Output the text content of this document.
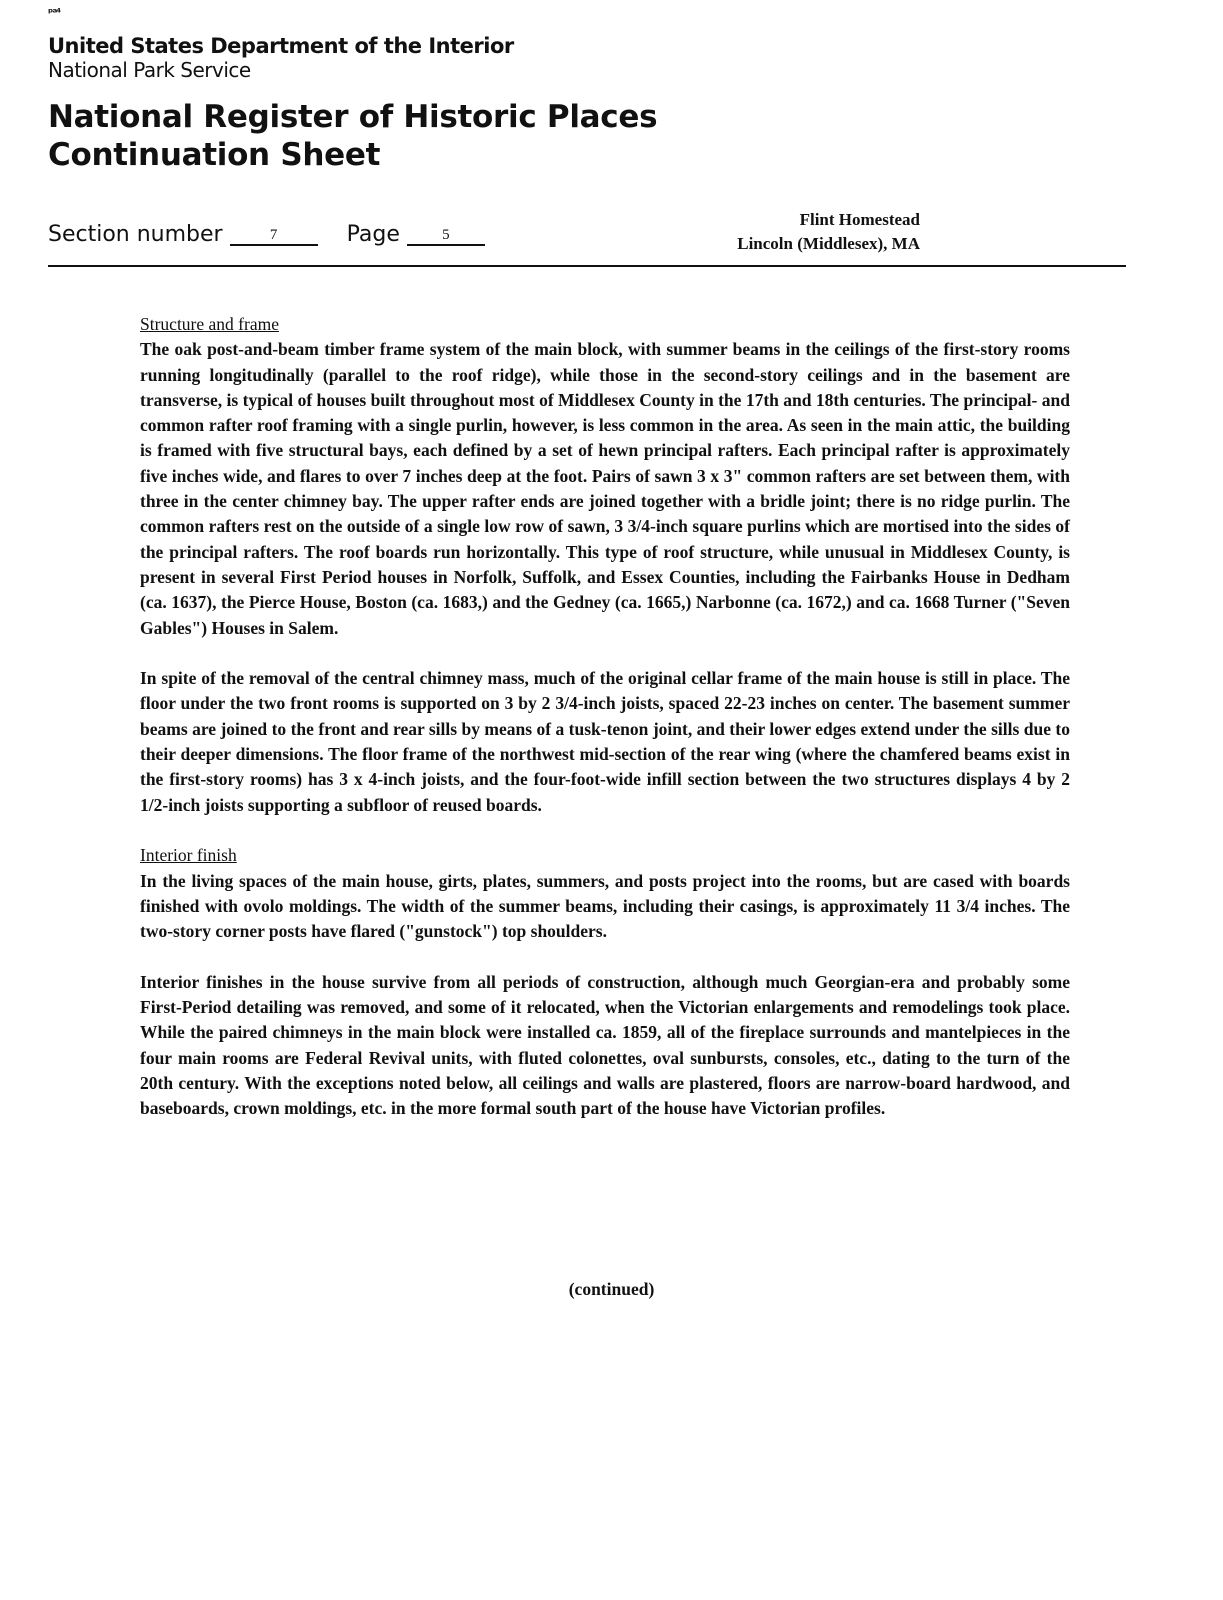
ᵖᵃ⁴
United States Department of the Interior
National Park Service
National Register of Historic Places
Continuation Sheet
Section number	7	Page	5
Flint Homestead
Lincoln (Middlesex), MA
Structure and frame

The oak post-and-beam timber frame system of the main block, with summer beams in the ceilings of the first-story rooms running longitudinally (parallel to the roof ridge), while those in the second-story ceilings and in the basement are transverse, is typical of houses built throughout most of Middlesex County in the 17th and 18th centuries. The principal- and common rafter roof framing with a single purlin, however, is less common in the area. As seen in the main attic, the building is framed with five structural bays, each defined by a set of hewn principal rafters. Each principal rafter is approximately five inches wide, and flares to over 7 inches deep at the foot. Pairs of sawn 3 x 3" common rafters are set between them, with three in the center chimney bay. The upper rafter ends are joined together with a bridle joint; there is no ridge purlin. The common rafters rest on the outside of a single low row of sawn, 3 3/4-inch square purlins which are mortised into the sides of the principal rafters. The roof boards run horizontally. This type of roof structure, while unusual in Middlesex County, is present in several First Period houses in Norfolk, Suffolk, and Essex Counties, including the Fairbanks House in Dedham (ca. 1637), the Pierce House, Boston (ca. 1683,) and the Gedney (ca. 1665,) Narbonne (ca. 1672,) and ca. 1668 Turner ("Seven Gables") Houses in Salem.

In spite of the removal of the central chimney mass, much of the original cellar frame of the main house is still in place. The floor under the two front rooms is supported on 3 by 2 3/4-inch joists, spaced 22-23 inches on center. The basement summer beams are joined to the front and rear sills by means of a tusk-tenon joint, and their lower edges extend under the sills due to their deeper dimensions. The floor frame of the northwest mid-section of the rear wing (where the chamfered beams exist in the first-story rooms) has 3 x 4-inch joists, and the four-foot-wide infill section between the two structures displays 4 by 2 1/2-inch joists supporting a subfloor of reused boards.

Interior finish

In the living spaces of the main house, girts, plates, summers, and posts project into the rooms, but are cased with boards finished with ovolo moldings. The width of the summer beams, including their casings, is approximately 11 3/4 inches. The two-story corner posts have flared ("gunstock") top shoulders.

Interior finishes in the house survive from all periods of construction, although much Georgian-era and probably some First-Period detailing was removed, and some of it relocated, when the Victorian enlargements and remodelings took place. While the paired chimneys in the main block were installed ca. 1859, all of the fireplace surrounds and mantelpieces in the four main rooms are Federal Revival units, with fluted colonettes, oval sunbursts, consoles, etc., dating to the turn of the 20th century. With the exceptions noted below, all ceilings and walls are plastered, floors are narrow-board hardwood, and baseboards, crown moldings, etc. in the more formal south part of the house have Victorian profiles.

(continued)
